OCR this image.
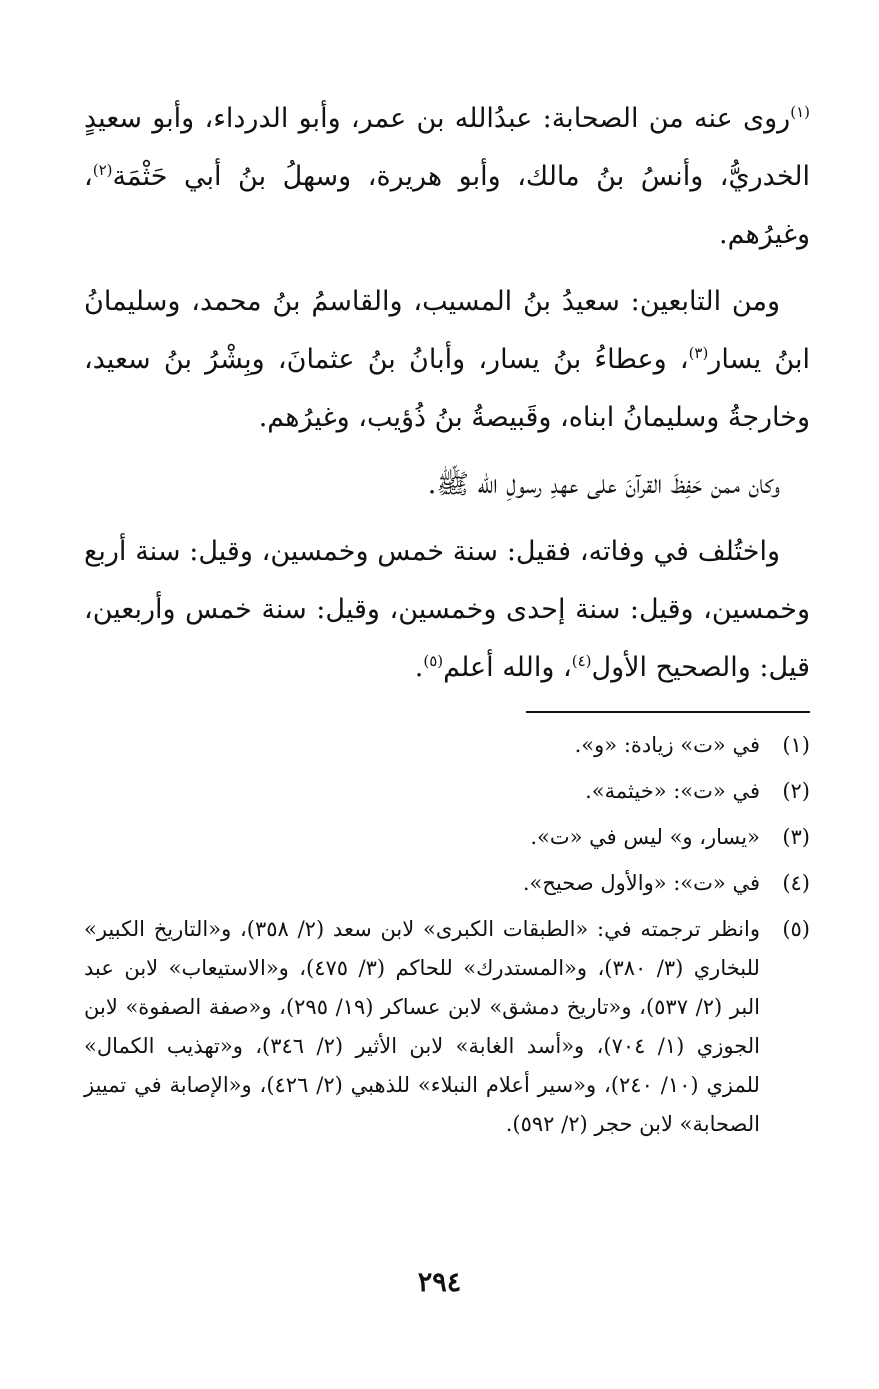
$^{(١)}$روى عنه من الصحابة: عبدُالله بن عمر، وأبو الدرداء، وأبو سعيدٍ الخدريُّ، وأنسُ بنُ مالك، وأبو هريرة، وسهلُ بنُ أبي حَثْمَة$^{(٢)}$، وغيرُهم.

ومن التابعين: سعيدُ بنُ المسيب، والقاسمُ بنُ محمد، وسليمانُ ابنُ يسار$^{(٣)}$، وعطاءُ بنُ يسار، وأبانُ بنُ عثمانَ، وبِشْرُ بنُ سعيد، وخارجةُ وسليمانُ ابناه، وقَبيصةُ بنُ ذُؤيب، وغيرُهم.

وكان ممن حَفِظَ القرآنَ على عهدِ رسولِ الله ﷺ.

واختُلف في وفاته، فقيل: سنة خمس وخمسين، وقيل: سنة أربع وخمسين، وقيل: سنة إحدى وخمسين، وقيل: سنة خمس وأربعين، قيل: والصحيح الأول$^{(٤)}$، والله أعلم$^{(٥)}$.

(١)
في «ت» زيادة: «و».
(٢)
في «ت»: «خيثمة».
(٣)
«يسار، و» ليس في «ت».
(٤)
في «ت»: «والأول صحيح».
(٥)
وانظر ترجمته في: «الطبقات الكبرى» لابن سعد (٢/ ٣٥٨)، و«التاريخ الكبير» للبخاري (٣/ ٣٨٠)، و«المستدرك» للحاكم (٣/ ٤٧٥)، و«الاستيعاب» لابن عبد البر (٢/ ٥٣٧)، و«تاريخ دمشق» لابن عساكر (١٩/ ٢٩٥)، و«صفة الصفوة» لابن الجوزي (١/ ٧٠٤)، و«أسد الغابة» لابن الأثير (٢/ ٣٤٦)، و«تهذيب الكمال» للمزي (١٠/ ٢٤٠)، و«سير أعلام النبلاء» للذهبي (٢/ ٤٢٦)، و«الإصابة في تمييز الصحابة» لابن حجر (٢/ ٥٩٢).
٢٩٤
